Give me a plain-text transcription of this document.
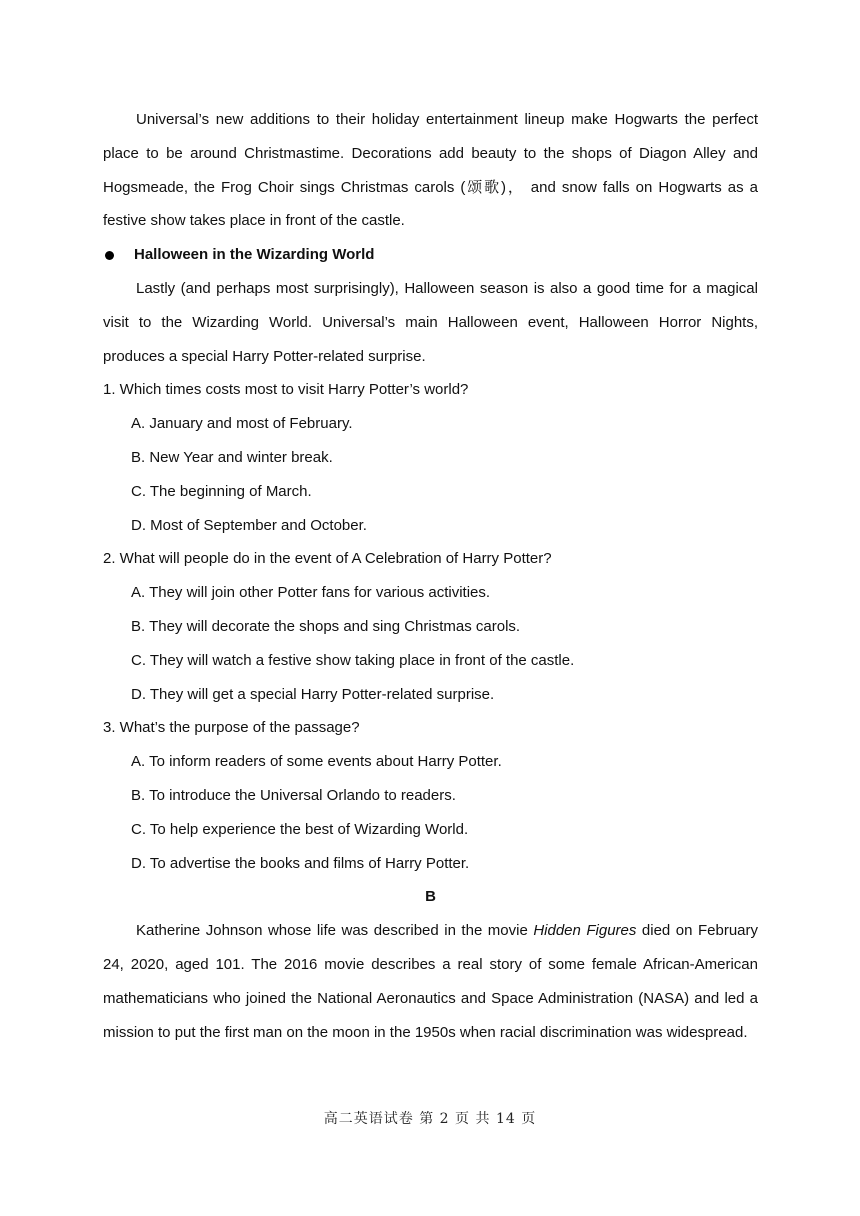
Universal’s new additions to their holiday entertainment lineup make Hogwarts the perfect place to be around Christmastime. Decorations add beauty to the shops of Diagon Alley and Hogsmeade, the Frog Choir sings Christmas carols (颂歌)， and snow falls on Hogwarts as a festive show takes place in front of the castle.

Halloween in the Wizarding World

Lastly (and perhaps most surprisingly), Halloween season is also a good time for a magical visit to the Wizarding World. Universal’s main Halloween event, Halloween Horror Nights, produces a special Harry Potter-related surprise.

1. Which times costs most to visit Harry Potter’s world?

A. January and most of February.

B. New Year and winter break.

C. The beginning of March.

D. Most of September and October.

2. What will people do in the event of A Celebration of Harry Potter?

A. They will join other Potter fans for various activities.

B. They will decorate the shops and sing Christmas carols.

C. They will watch a festive show taking place in front of the castle.

D. They will get a special Harry Potter-related surprise.

3. What’s the purpose of the passage?

A. To inform readers of some events about Harry Potter.

B. To introduce the Universal Orlando to readers.

C. To help experience the best of Wizarding World.

D. To advertise the books and films of Harry Potter.

B

Katherine Johnson whose life was described in the movie Hidden Figures died on February 24, 2020, aged 101. The 2016 movie describes a real story of some female African-American mathematicians who joined the National Aeronautics and Space Administration (NASA) and led a mission to put the first man on the moon in the 1950s when racial discrimination was widespread.

高二英语试卷 第 2 页 共 14 页
